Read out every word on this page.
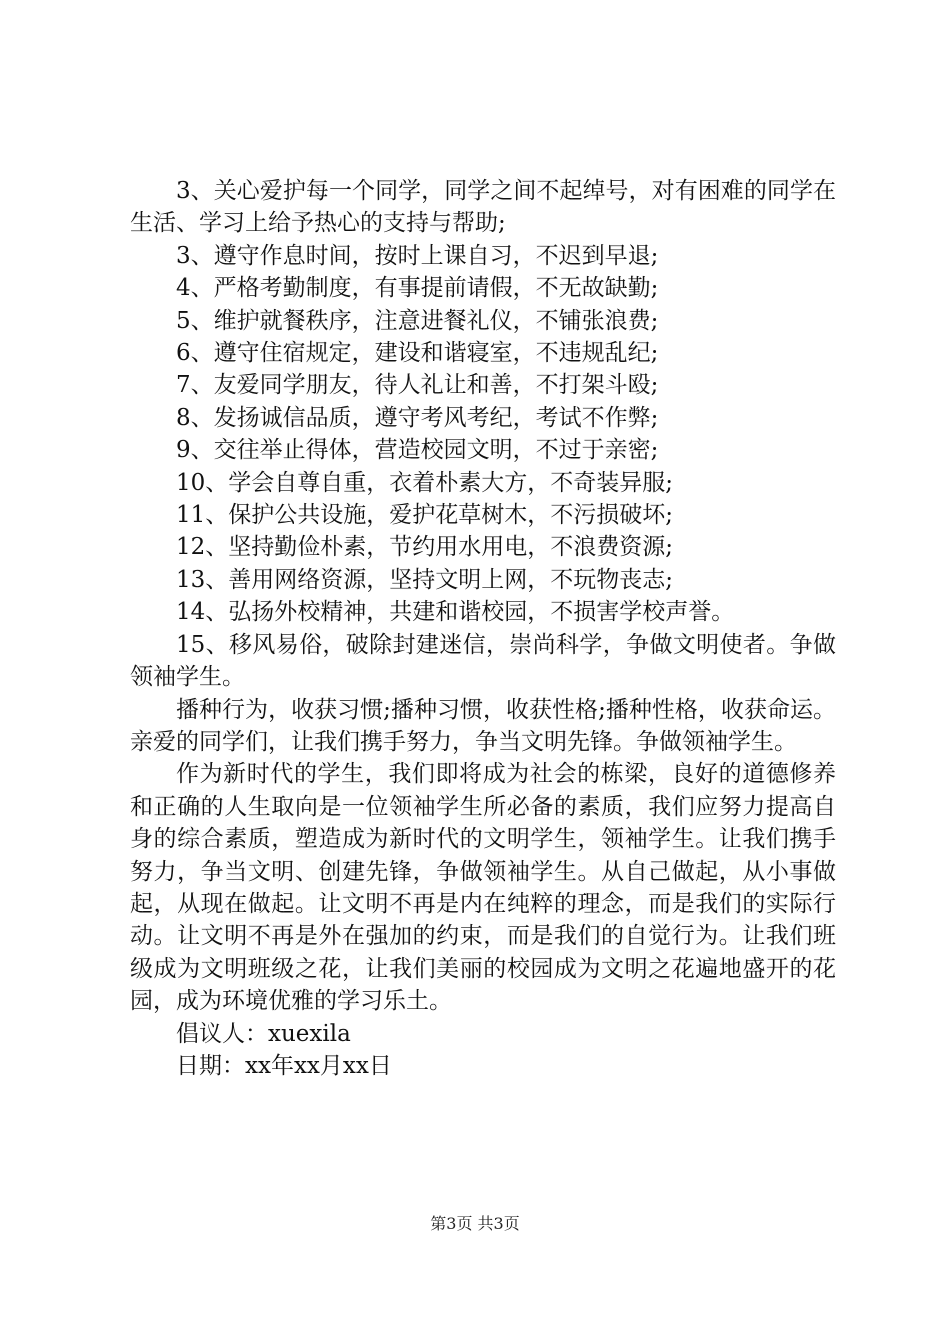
3、关心爱护每一个同学，同学之间不起绰号，对有困难的同学在生活、学习上给予热心的支持与帮助;

3、遵守作息时间，按时上课自习，不迟到早退;

4、严格考勤制度，有事提前请假，不无故缺勤;

5、维护就餐秩序，注意进餐礼仪，不铺张浪费;

6、遵守住宿规定，建设和谐寝室，不违规乱纪;

7、友爱同学朋友，待人礼让和善，不打架斗殴;

8、发扬诚信品质，遵守考风考纪，考试不作弊;

9、交往举止得体，营造校园文明，不过于亲密;

10、学会自尊自重，衣着朴素大方，不奇装异服;

11、保护公共设施，爱护花草树木，不污损破坏;

12、坚持勤俭朴素，节约用水用电，不浪费资源;

13、善用网络资源，坚持文明上网，不玩物丧志;

14、弘扬外校精神，共建和谐校园，不损害学校声誉。

15、移风易俗，破除封建迷信，崇尚科学，争做文明使者。争做领袖学生。

播种行为，收获习惯;播种习惯，收获性格;播种性格，收获命运。亲爱的同学们，让我们携手努力，争当文明先锋。争做领袖学生。

作为新时代的学生，我们即将成为社会的栋梁，良好的道德修养和正确的人生取向是一位领袖学生所必备的素质，我们应努力提高自身的综合素质，塑造成为新时代的文明学生，领袖学生。让我们携手努力，争当文明、创建先锋，争做领袖学生。从自己做起，从小事做起，从现在做起。让文明不再是内在纯粹的理念，而是我们的实际行动。让文明不再是外在强加的约束，而是我们的自觉行为。让我们班级成为文明班级之花，让我们美丽的校园成为文明之花遍地盛开的花园，成为环境优雅的学习乐土。

倡议人：xuexila

日期：xx年xx月xx日

第3页 共3页
